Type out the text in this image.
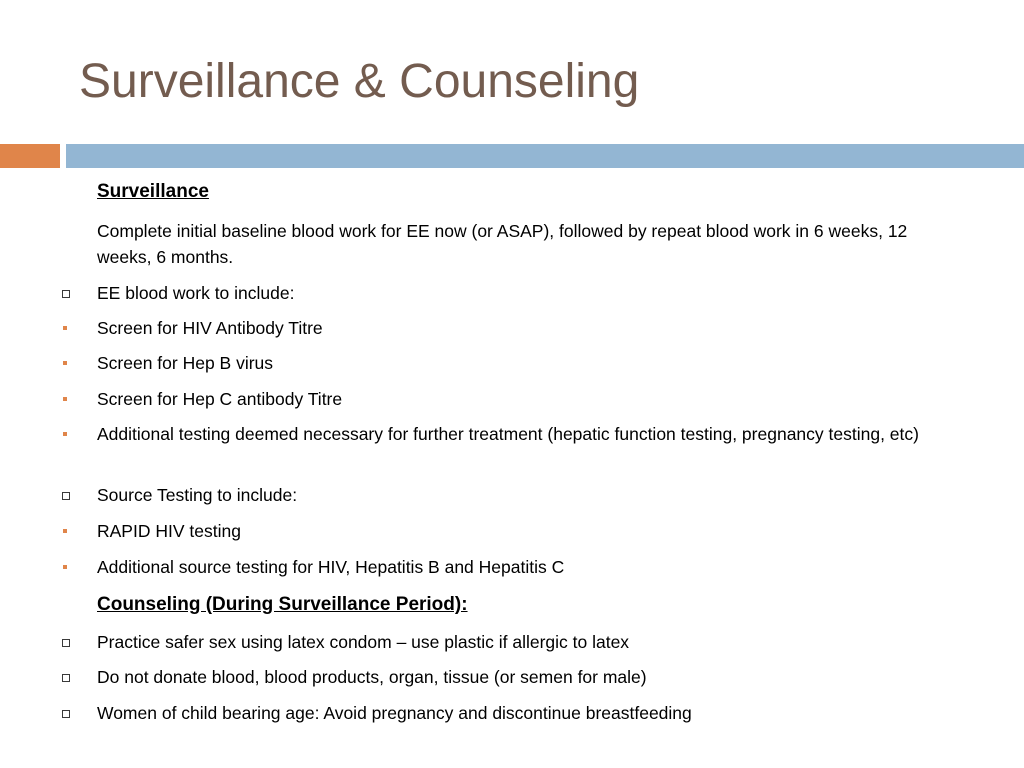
Surveillance & Counseling
Surveillance
Complete initial baseline blood work for EE now (or ASAP), followed by repeat blood work in 6 weeks, 12 weeks, 6 months.
EE blood work to include:
Screen for HIV Antibody Titre
Screen for Hep B virus
Screen for Hep C antibody Titre
Additional testing deemed necessary for further treatment (hepatic function testing, pregnancy testing, etc)
Source Testing to include:
RAPID HIV testing
Additional source testing for HIV, Hepatitis B and Hepatitis C
Counseling (During Surveillance Period):
Practice safer sex using latex condom – use plastic if allergic to latex
Do not donate blood, blood products, organ, tissue (or semen for male)
Women of child bearing age: Avoid pregnancy and discontinue breastfeeding
